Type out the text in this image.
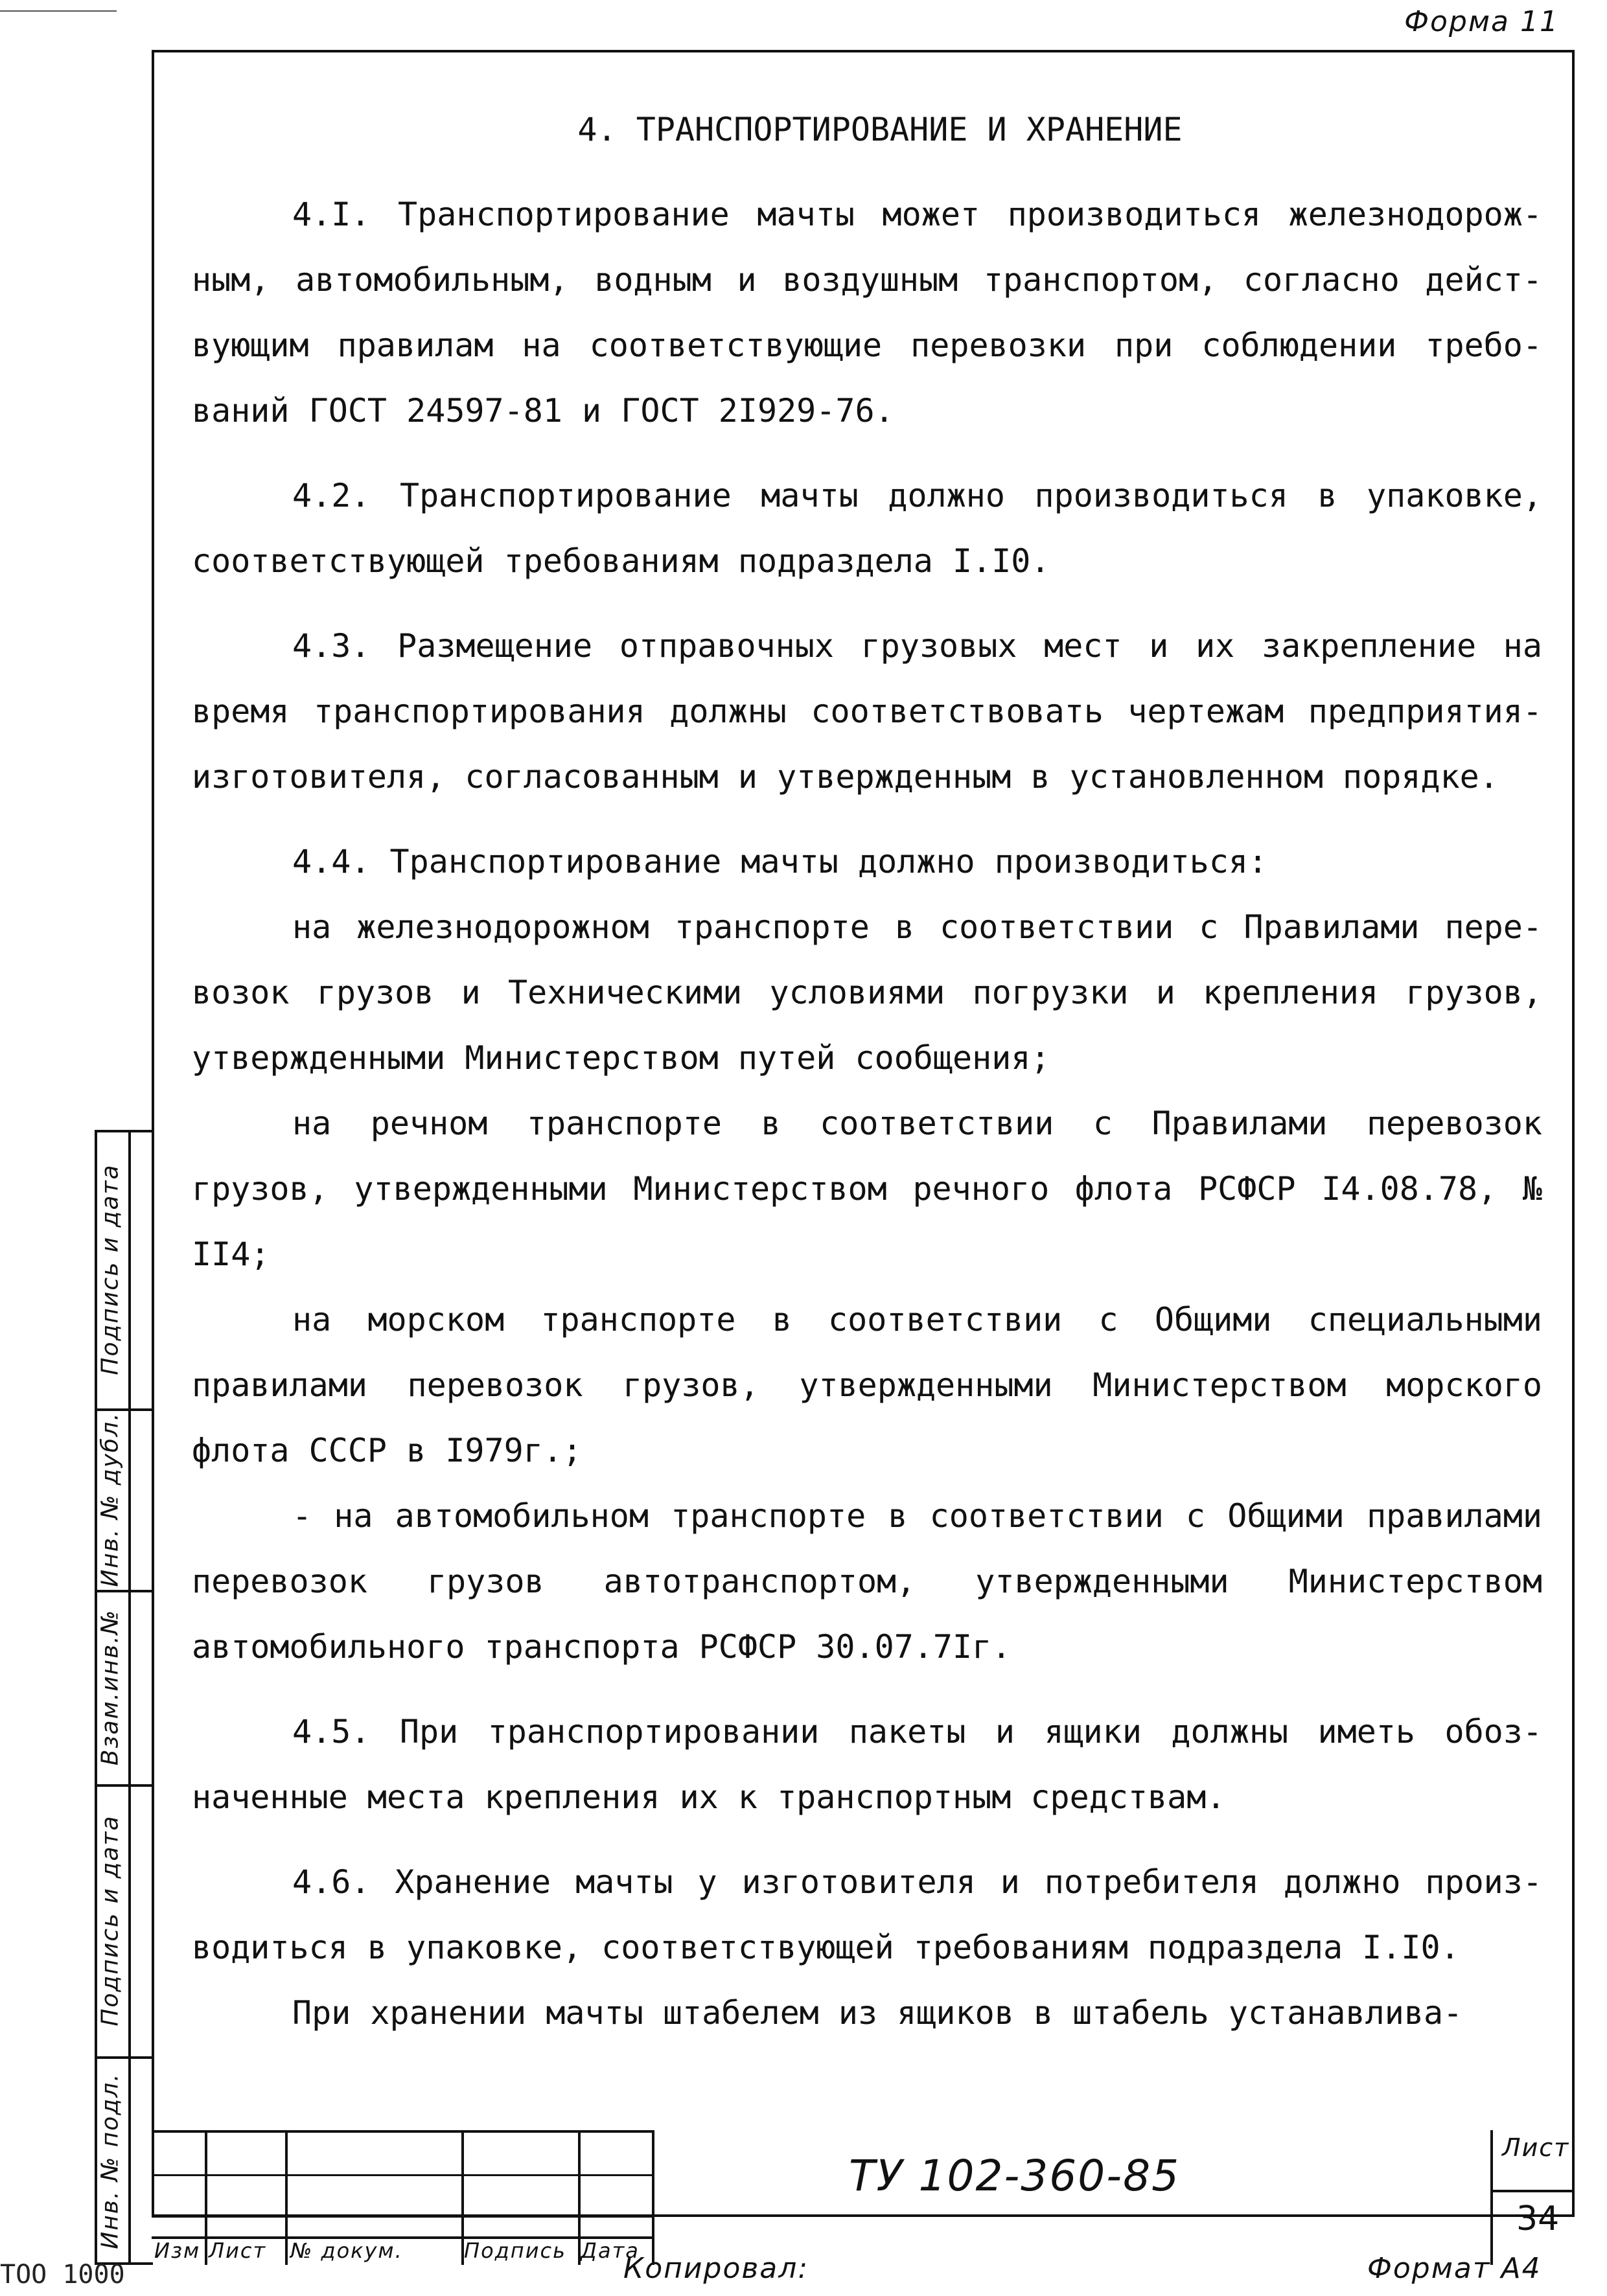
Форма 11

4. ТРАНСПОРТИРОВАНИЕ И ХРАНЕНИЕ

4.I. Транспортирование мачты может производиться железнодорожным, автомобильным, водным и воздушным транспортом, согласно действующим правилам на соответствующие перевозки при соблюдении требований ГОСТ 24597-81 и ГОСТ 2I929-76.

4.2. Транспортирование мачты должно производиться в упаковке, соответствующей требованиям подраздела I.I0.

4.3. Размещение отправочных грузовых мест и их закрепление на время транспортирования должны соответствовать чертежам предприятия-изготовителя, согласованным и утвержденным в установленном порядке.

4.4. Транспортирование мачты должно производиться:

на железнодорожном транспорте в соответствии с Правилами перевозок грузов и Техническими условиями погрузки и крепления грузов, утвержденными Министерством путей сообщения;

на речном транспорте в соответствии с Правилами перевозок грузов, утвержденными Министерством речного флота РСФСР I4.08.78, № II4;

на морском транспорте в соответствии с Общими специальными правилами перевозок грузов, утвержденными Министерством морского флота СССР в I979г.;

- на автомобильном транспорте в соответствии с Общими правилами перевозок грузов автотранспортом, утвержденными Министерством автомобильного транспорта РСФСР 30.07.7Iг.

4.5. При транспортировании пакеты и ящики должны иметь обозначенные места крепления их к транспортным средствам.

4.6. Хранение мачты у изготовителя и потребителя должно производиться в упаковке, соответствующей требованиям подраздела I.I0.

При хранении мачты штабелем из ящиков в штабель устанавлива-

Подпись и дата
Инв. № дубл.
Взам.инв.№
Подпись и дата
Инв. № подл.	ТУ 102-360-85
Лист
34
Изм Лист № докум.	Подпись Дата
Копировал:	Формат А4
TOO 1000
